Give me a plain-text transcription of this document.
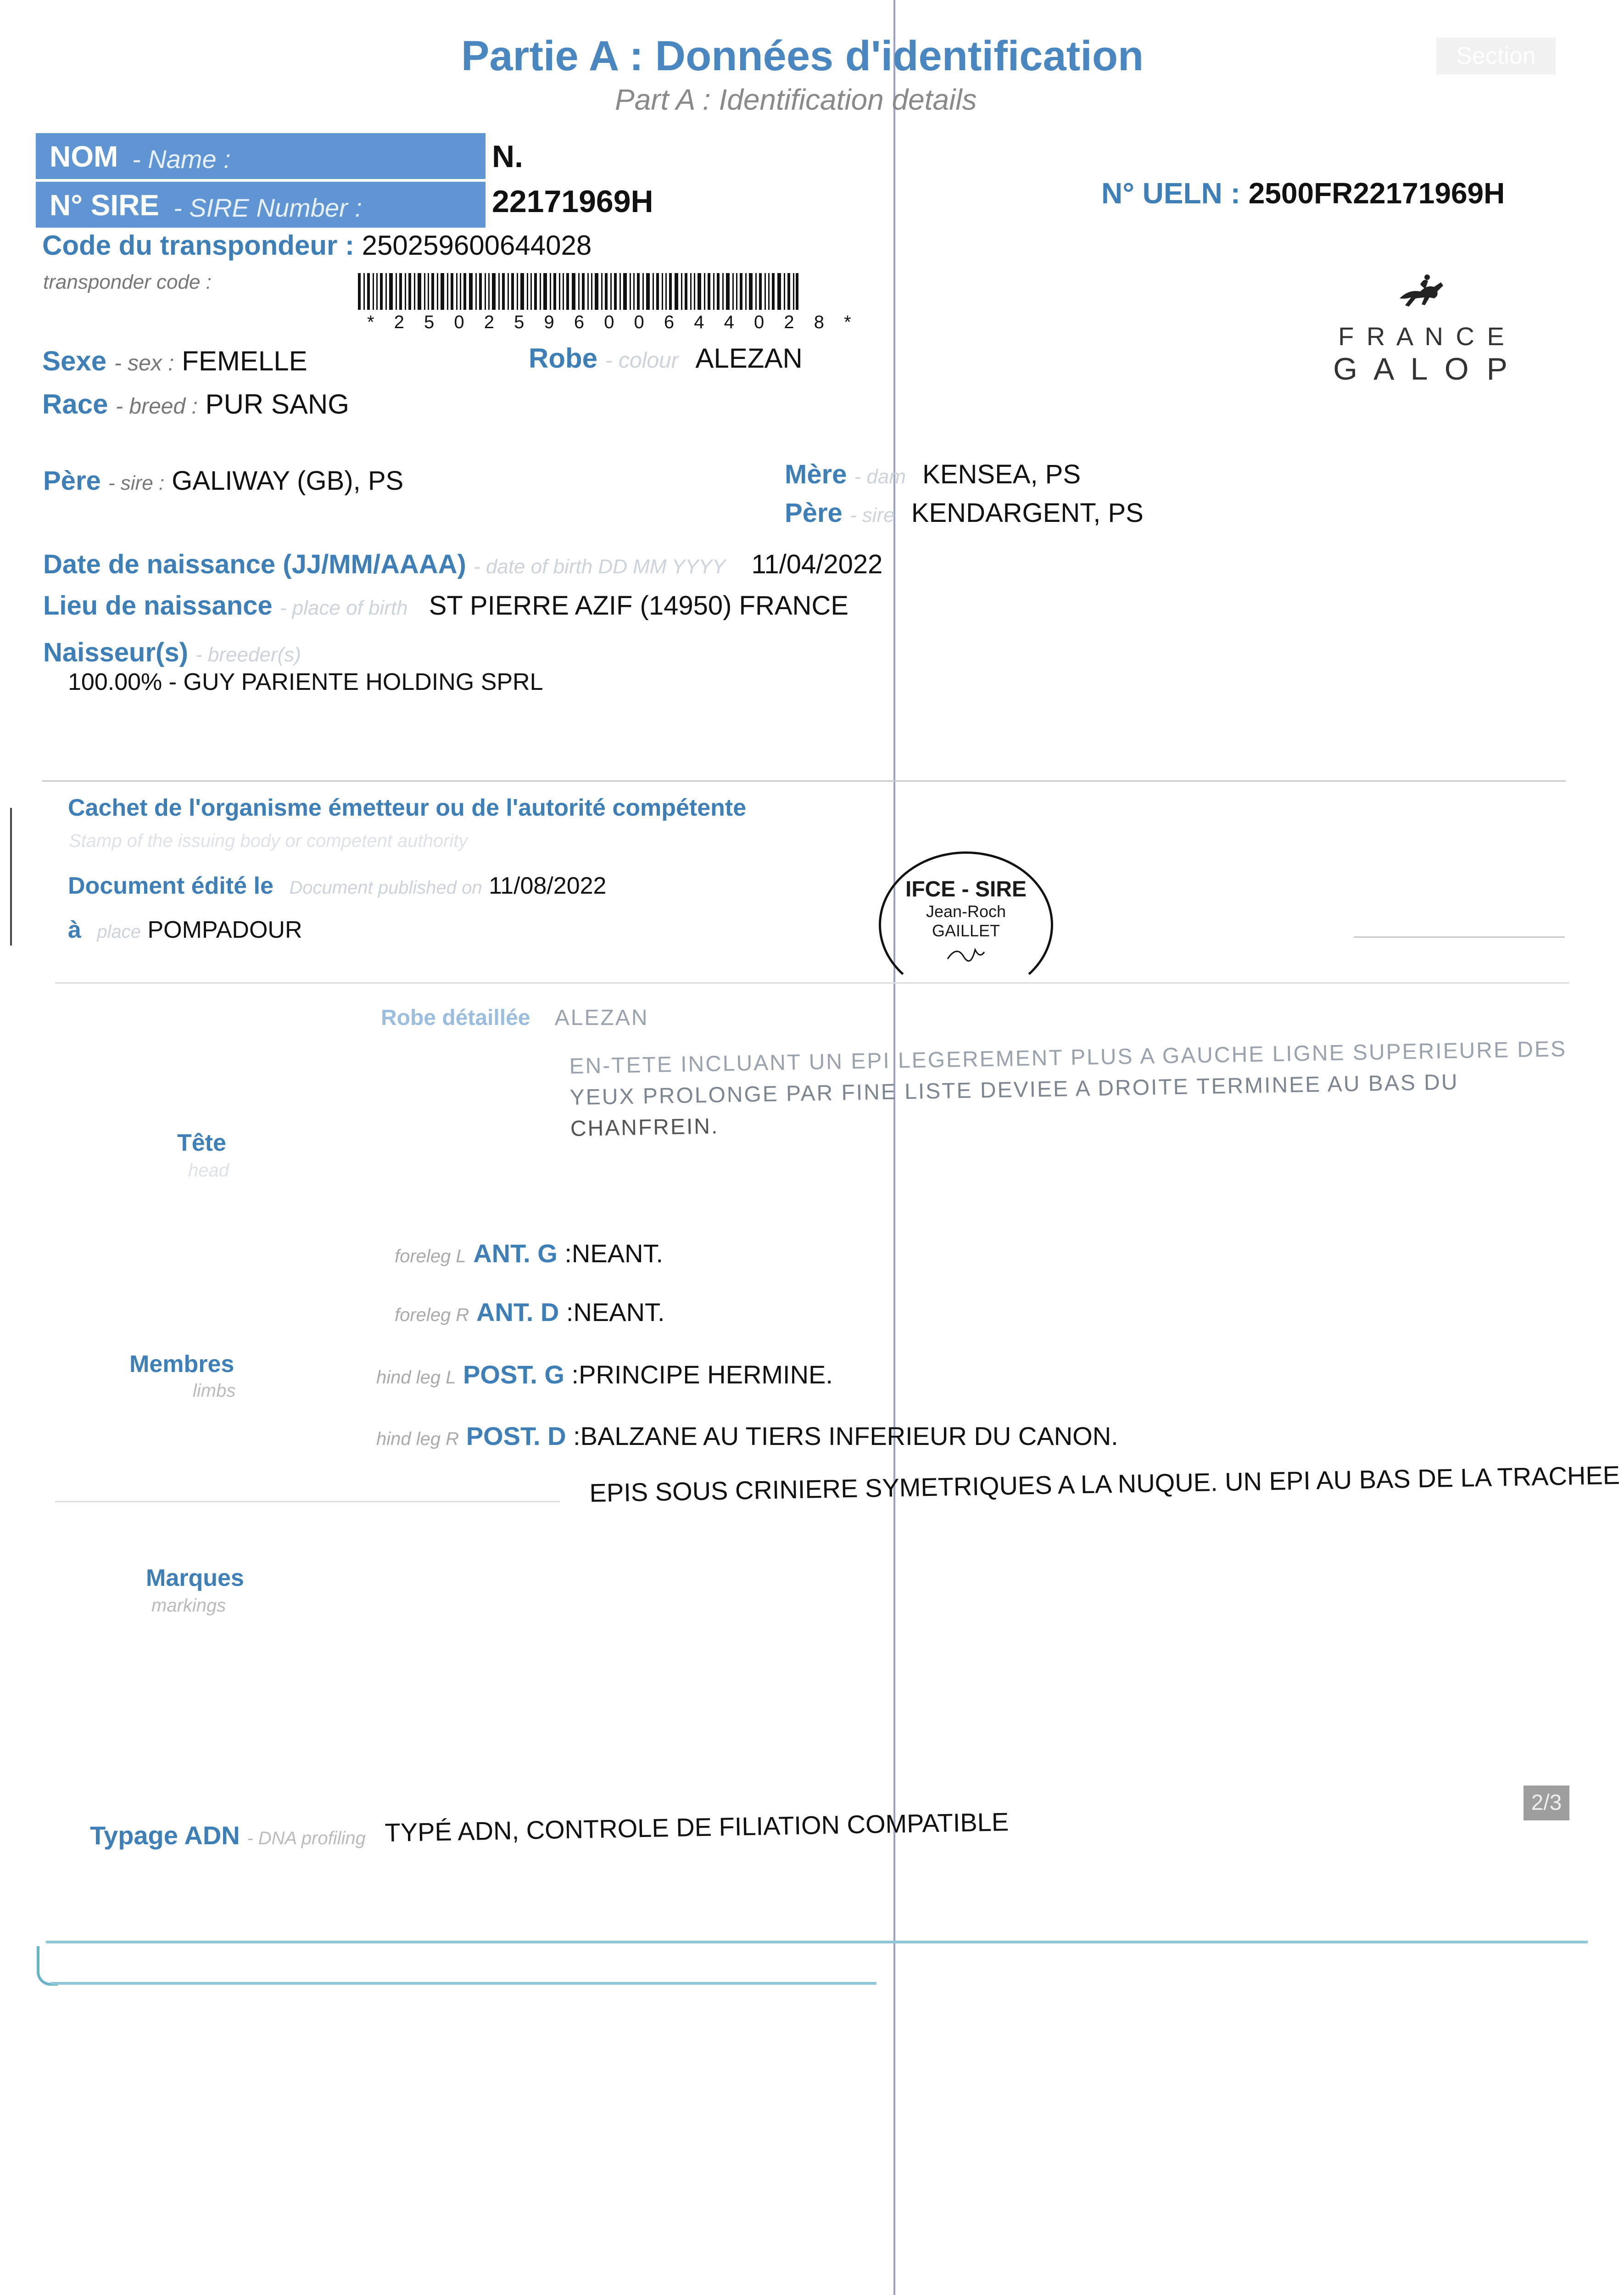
Section
Partie A : Données d'identification
Part A : Identification details
NOM - Name :
N° SIRE - SIRE Number :
N.
22171969H	N° UELN : 2500FR22171969H
Code du transpondeur : 250259600644028
transponder code :
* 2 5 0 2 5 9 6 0 0 6 4 4 0 2 8 *	F R A N C E
G A L O P
Sexe - sex : FEMELLE	Robe - colour ALEZAN
Race - breed : PUR SANG
Père - sire : GALIWAY (GB), PS	Mère - dam KENSEA, PS
Père - sire KENDARGENT, PS
Date de naissance (JJ/MM/AAAA) - date of birth DD MM YYYY 11/04/2022
Lieu de naissance - place of birth ST PIERRE AZIF (14950) FRANCE
Naisseur(s) - breeder(s)
100.00% - GUY PARIENTE HOLDING SPRL
Cachet de l'organisme émetteur ou de l'autorité compétente
Stamp of the issuing body or competent authority
Document édité le Document published on 11/08/2022
à place POMPADOUR
IFCE - SIRE
Jean-Roch
GAILLET
Robe détaillée ALEZAN
EN-TETE INCLUANT UN EPI LEGEREMENT PLUS A GAUCHE LIGNE SUPERIEURE DES
YEUX PROLONGE PAR FINE LISTE DEVIEE A DROITE TERMINEE AU BAS DU
CHANFREIN.
Tête
head
foreleg L ANT. G :NEANT.
foreleg R ANT. D :NEANT.
hind leg L POST. G :PRINCIPE HERMINE.
hind leg R POST. D :BALZANE AU TIERS INFERIEUR DU CANON.
Membres
limbs
EPIS SOUS CRINIERE SYMETRIQUES A LA NUQUE. UN EPI AU BAS DE LA TRACHEE
Marques
markings
2/3
Typage ADN - DNA profiling TYPÉ ADN, CONTROLE DE FILIATION COMPATIBLE
